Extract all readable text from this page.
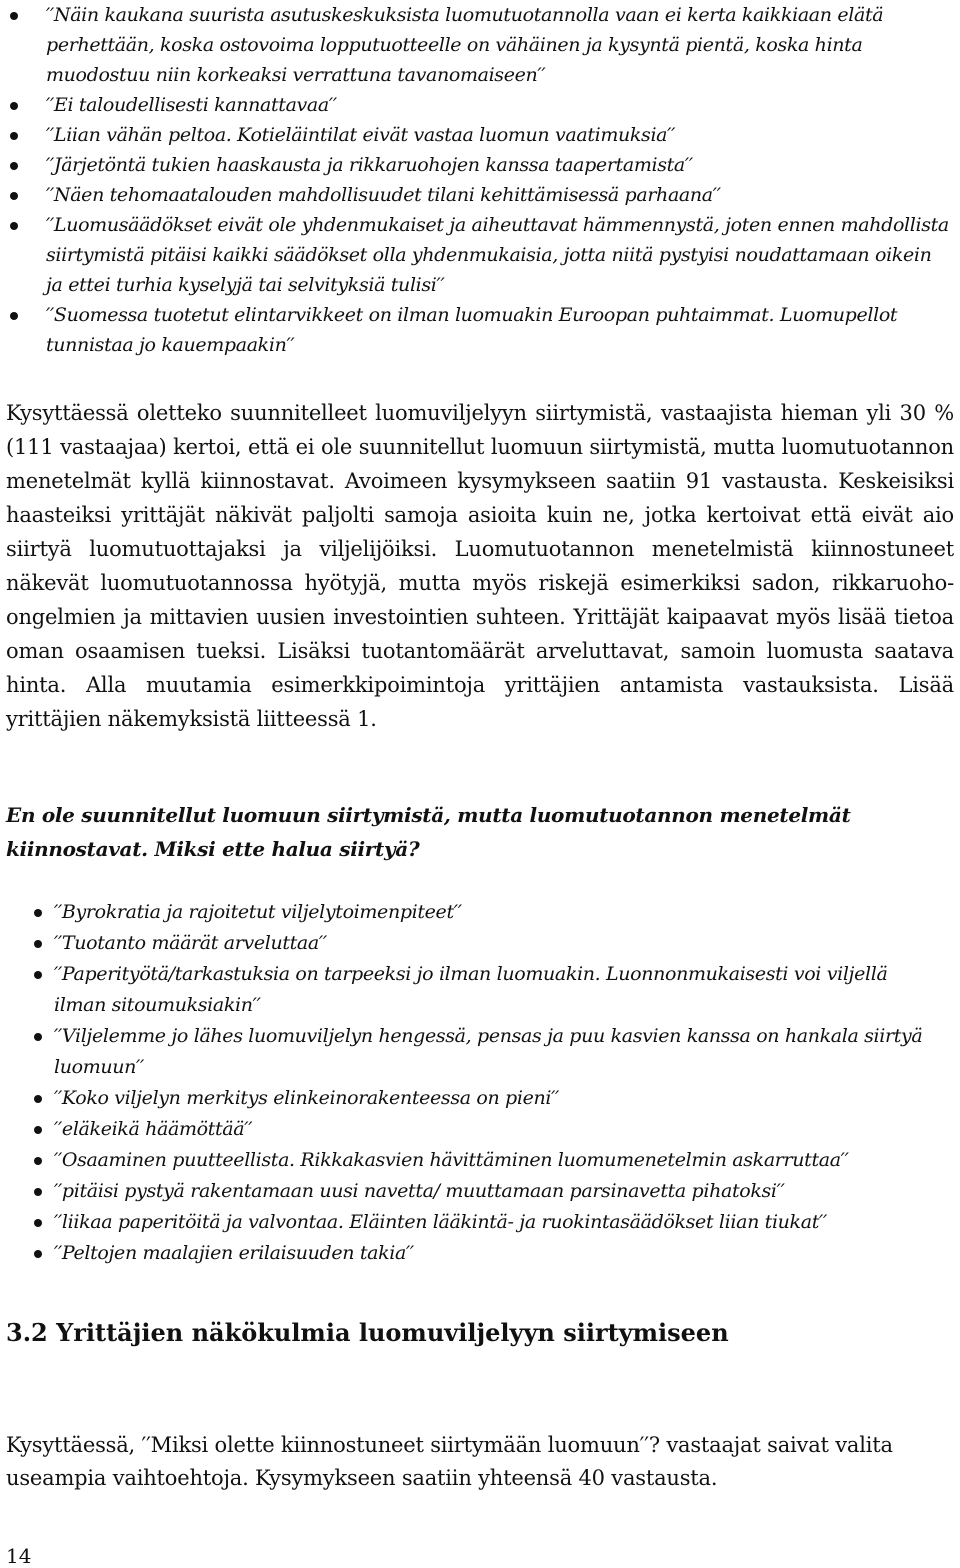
′′Näin kaukana suurista asutuskeskuksista luomutuotannolla vaan ei kerta kaikkiaan elätä perhettään, koska ostovoima lopputuotteelle on vähäinen ja kysyntä pientä, koska hinta muodostuu niin korkeaksi verrattuna tavanomaiseen′′
′′Ei taloudellisesti kannattavaa′′
′′Liian vähän peltoa. Kotieläintilat eivät vastaa luomun vaatimuksia′′
′′Järjetöntä tukien haaskausta ja rikkaruohojen kanssa taapertamista′′
′′Näen tehomaatalouden mahdollisuudet tilani kehittämisessä parhaana′′
′′Luomusäädökset eivät ole yhdenmukaiset ja aiheuttavat hämmennystä, joten ennen mahdollista siirtymistä pitäisi kaikki säädökset olla yhdenmukaisia, jotta niitä pystyisi noudattamaan oikein ja ettei turhia kyselyjä tai selvityksiä tulisi′′
′′Suomessa tuotetut elintarvikkeet on ilman luomuakin Euroopan puhtaimmat. Luomupellot tunnistaa jo kauempaakin′′

Kysyttäessä oletteko suunnitelleet luomuviljelyyn siirtymistä, vastaajista hieman yli 30 % (111 vastaajaa) kertoi, että ei ole suunnitellut luomuun siirtymistä, mutta luomutuotannon menetelmät kyllä kiinnostavat. Avoimeen kysymykseen saatiin 91 vastausta. Keskeisiksi haasteiksi yrittäjät näkivät paljolti samoja asioita kuin ne, jotka kertoivat että eivät aio siirtyä luomutuottajaksi ja viljelijöiksi. Luomutuotannon menetelmistä kiinnostuneet näkevät luomutuotannossa hyötyjä, mutta myös riskejä esimerkiksi sadon, rikkaruoho-ongelmien ja mittavien uusien investointien suhteen. Yrittäjät kaipaavat myös lisää tietoa oman osaamisen tueksi. Lisäksi tuotantomäärät arveluttavat, samoin luomusta saatava hinta. Alla muutamia esimerkkipoimintoja yrittäjien antamista vastauksista. Lisää yrittäjien näkemyksistä liitteessä 1.

En ole suunnitellut luomuun siirtymistä, mutta luomutuotannon menetelmät kiinnostavat. Miksi ette halua siirtyä?

′′Byrokratia ja rajoitetut viljelytoimenpiteet′′
′′Tuotanto määrät arveluttaa′′
′′Paperityötä/tarkastuksia on tarpeeksi jo ilman luomuakin. Luonnonmukaisesti voi viljellä ilman sitoumuksiakin′′
′′Viljelemme jo lähes luomuviljelyn hengessä, pensas ja puu kasvien kanssa on hankala siirtyä luomuun′′
′′Koko viljelyn merkitys elinkeinorakenteessa on pieni′′
′′eläkeikä häämöttää′′
′′Osaaminen puutteellista. Rikkakasvien hävittäminen luomumenetelmin askarruttaa′′
′′pitäisi pystyä rakentamaan uusi navetta/ muuttamaan parsinavetta pihatoksi′′
′′liikaa paperitöitä ja valvontaa. Eläinten lääkintä- ja ruokintasäädökset liian tiukat′′
′′Peltojen maalajien erilaisuuden takia′′
3.2 Yrittäjien näkökulmia luomuviljelyyn siirtymiseen

Kysyttäessä, ′′Miksi olette kiinnostuneet siirtymään luomuun′′? vastaajat saivat valita useampia vaihtoehtoja. Kysymykseen saatiin yhteensä 40 vastausta.

14
